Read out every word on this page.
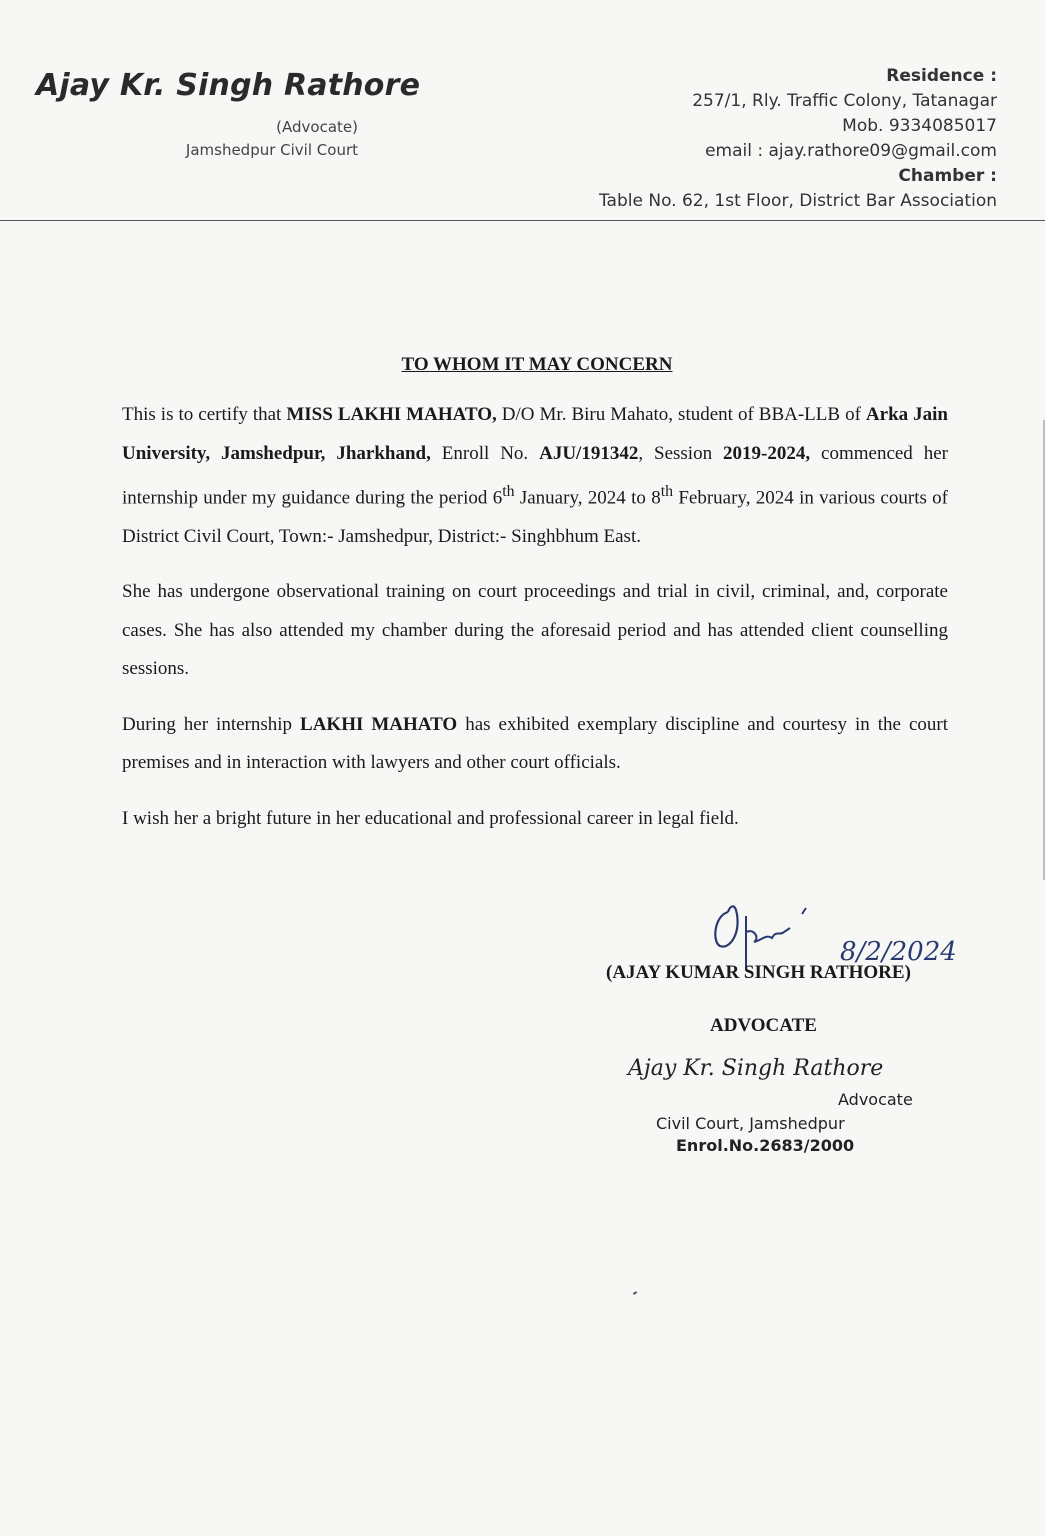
Ajay Kr. Singh Rathore
(Advocate)
Jamshedpur Civil Court
Residence :
257/1, Rly. Traffic Colony, Tatanagar
Mob. 9334085017
email : ajay.rathore09@gmail.com
Chamber :
Table No. 62, 1st Floor, District Bar Association
TO WHOM IT MAY CONCERN

This is to certify that MISS LAKHI MAHATO, D/O Mr. Biru Mahato, student of BBA-LLB of Arka Jain University, Jamshedpur, Jharkhand, Enroll No. AJU/191342, Session 2019-2024, commenced her internship under my guidance during the period 6th January, 2024 to 8th February, 2024 in various courts of District Civil Court, Town:- Jamshedpur, District:- Singhbhum East.

She has undergone observational training on court proceedings and trial in civil, criminal, and, corporate cases. She has also attended my chamber during the aforesaid period and has attended client counselling sessions.

During her internship LAKHI MAHATO has exhibited exemplary discipline and courtesy in the court premises and in interaction with lawyers and other court officials.

I wish her a bright future in her educational and professional career in legal field.

8/2/2024
(AJAY KUMAR SINGH RATHORE)
ADVOCATE
Ajay Kr. Singh Rathore
Advocate
Civil Court, Jamshedpur
Enrol.No.2683/2000
